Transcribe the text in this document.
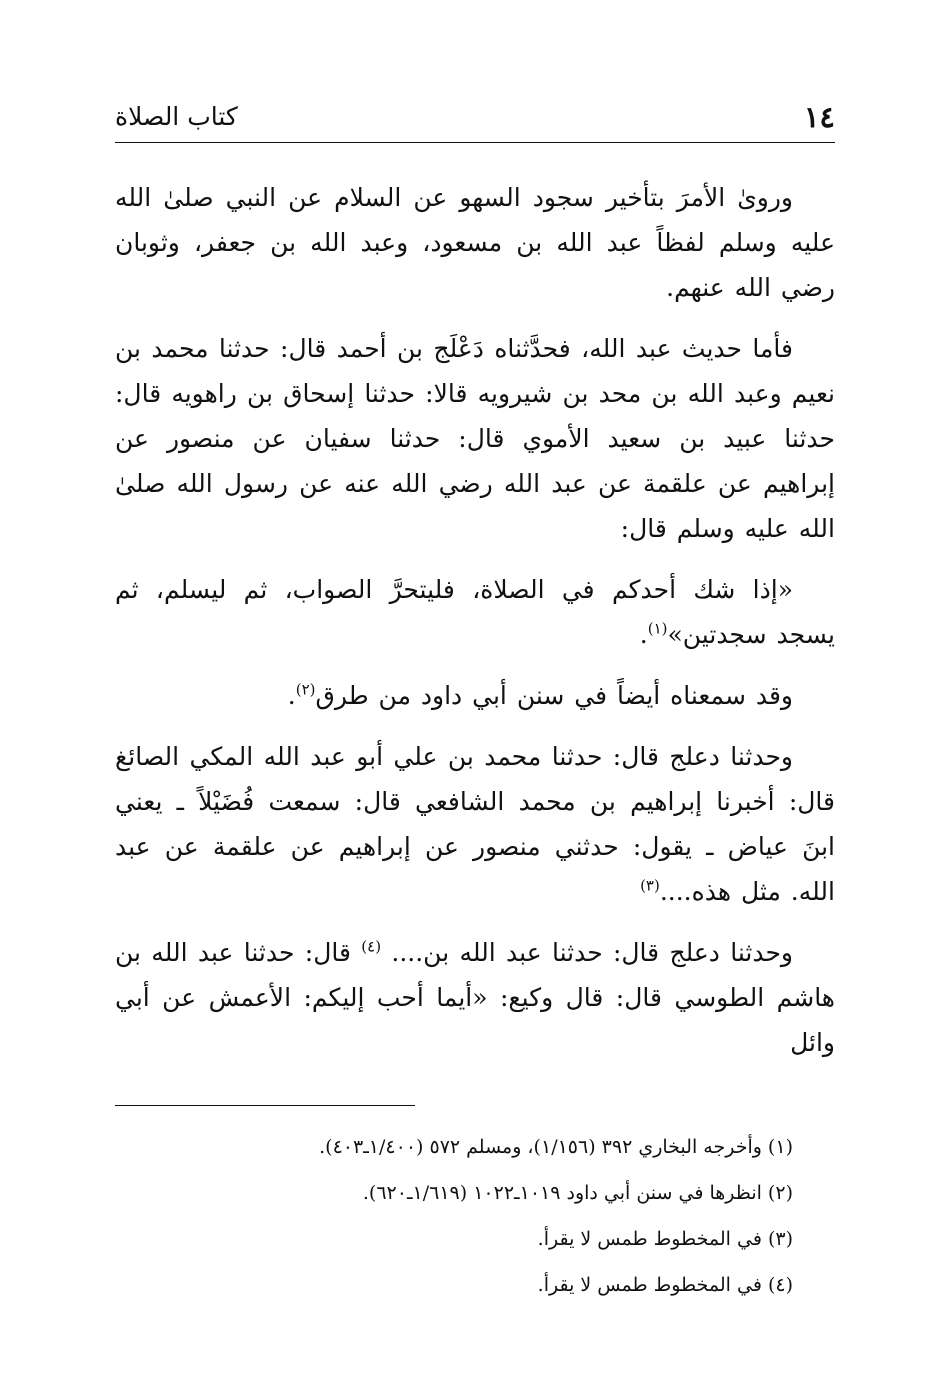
١٤
كتاب الصلاة

ورویٰ الأمرَ بتأخير سجود السهو عن السلام عن النبي صلىٰ الله عليه وسلم لفظاً عبد الله بن مسعود، وعبد الله بن جعفر، وثوبان رضي الله عنهم.

فأما حديث عبد الله، فحدَّثناه دَعْلَج بن أحمد قال: حدثنا محمد بن نعيم وعبد الله بن محد بن شيرويه قالا: حدثنا إسحاق بن راهويه قال: حدثنا عبيد بن سعيد الأموي قال: حدثنا سفيان عن منصور عن إبراهيم عن علقمة عن عبد الله رضي الله عنه عن رسول الله صلىٰ الله عليه وسلم قال:

«إذا شك أحدكم في الصلاة، فليتحرَّ الصواب، ثم ليسلم، ثم يسجد سجدتين»$^{(١)}$.

وقد سمعناه أيضاً في سنن أبي داود من طرق$^{(٢)}$.

وحدثنا دعلج قال: حدثنا محمد بن علي أبو عبد الله المكي الصائغ قال: أخبرنا إبراهيم بن محمد الشافعي قال: سمعت فُضَيْلاً ـ يعني ابنَ عياض ـ يقول: حدثني منصور عن إبراهيم عن علقمة عن عبد الله. مثل هذه....$^{(٣)}$

وحدثنا دعلج قال: حدثنا عبد الله بن.... $^{(٤)}$ قال: حدثنا عبد الله بن هاشم الطوسي قال: قال وكيع: «أيما أحب إليكم: الأعمش عن أبي وائل

(١) وأخرجه البخاري ٣٩٢ (١/١٥٦)، ومسلم ٥٧٢ (١/٤٠٠ـ٤٠٣).

(٢) انظرها في سنن أبي داود ١٠١٩ـ١٠٢٢ (١/٦١٩ـ٦٢٠).

(٣) في المخطوط طمس لا يقرأ.

(٤) في المخطوط طمس لا يقرأ.
